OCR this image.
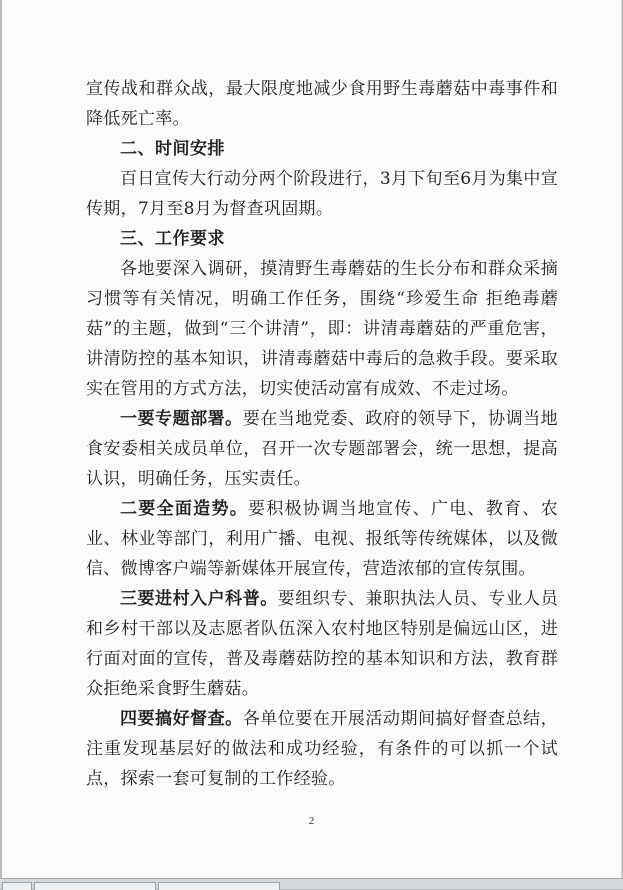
宣传战和群众战，最大限度地减少食用野生毒蘑菇中毒事件和降低死亡率。

二、时间安排

百日宣传大行动分两个阶段进行，3月下旬至6月为集中宣传期，7月至8月为督查巩固期。

三、工作要求

各地要深入调研，摸清野生毒蘑菇的生长分布和群众采摘习惯等有关情况，明确工作任务，围绕“珍爱生命 拒绝毒蘑菇”的主题，做到“三个讲清”，即：讲清毒蘑菇的严重危害，讲清防控的基本知识，讲清毒蘑菇中毒后的急救手段。要采取实在管用的方式方法，切实使活动富有成效、不走过场。

一要专题部署。要在当地党委、政府的领导下，协调当地食安委相关成员单位，召开一次专题部署会，统一思想，提高认识，明确任务，压实责任。

二要全面造势。要积极协调当地宣传、广电、教育、农业、林业等部门，利用广播、电视、报纸等传统媒体，以及微信、微博客户端等新媒体开展宣传，营造浓郁的宣传氛围。

三要进村入户科普。要组织专、兼职执法人员、专业人员和乡村干部以及志愿者队伍深入农村地区特别是偏远山区，进行面对面的宣传，普及毒蘑菇防控的基本知识和方法，教育群众拒绝采食野生蘑菇。

四要搞好督查。各单位要在开展活动期间搞好督查总结，注重发现基层好的做法和成功经验，有条件的可以抓一个试点，探索一套可复制的工作经验。

2
